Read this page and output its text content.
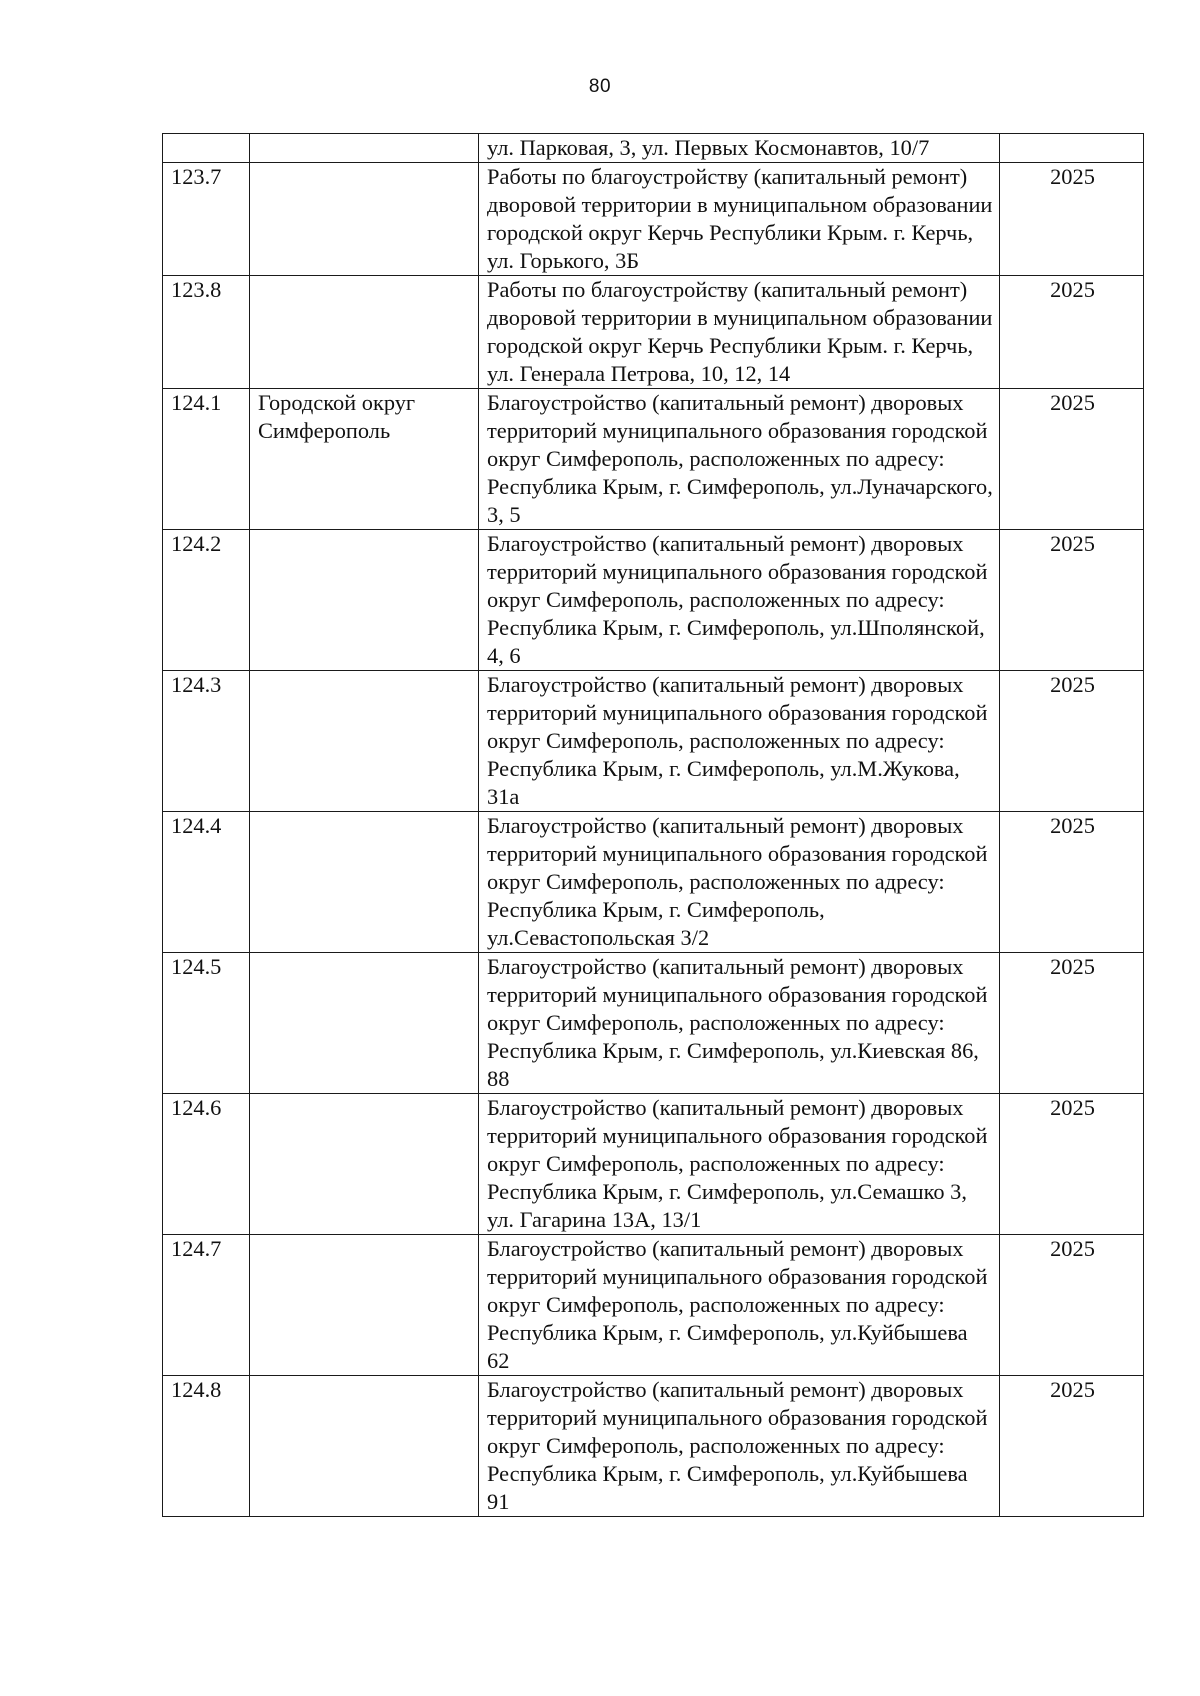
80
		ул. Парковая, 3, ул. Первых Космонавтов, 10/7	
123.7		Работы по благоустройству (капитальный ремонт) дворовой территории в муниципальном образовании городской округ Керчь Республики Крым. г. Керчь, ул. Горького, 3Б	2025
123.8		Работы по благоустройству (капитальный ремонт) дворовой территории в муниципальном образовании городской округ Керчь Республики Крым. г. Керчь, ул. Генерала Петрова, 10, 12, 14	2025
124.1	Городской округ Симферополь	Благоустройство (капитальный ремонт) дворовых территорий муниципального образования городской округ Симферополь, расположенных по адресу: Республика Крым, г. Симферополь, ул.Луначарского, 3, 5	2025
124.2		Благоустройство (капитальный ремонт) дворовых территорий муниципального образования городской округ Симферополь, расположенных по адресу: Республика Крым, г. Симферополь, ул.Шполянской, 4, 6	2025
124.3		Благоустройство (капитальный ремонт) дворовых территорий муниципального образования городской округ Симферополь, расположенных по адресу: Республика Крым, г. Симферополь, ул.М.Жукова, 31а	2025
124.4		Благоустройство (капитальный ремонт) дворовых территорий муниципального образования городской округ Симферополь, расположенных по адресу: Республика Крым, г. Симферополь, ул.Севастопольская 3/2	2025
124.5		Благоустройство (капитальный ремонт) дворовых территорий муниципального образования городской округ Симферополь, расположенных по адресу: Республика Крым, г. Симферополь, ул.Киевская 86, 88	2025
124.6		Благоустройство (капитальный ремонт) дворовых территорий муниципального образования городской округ Симферополь, расположенных по адресу: Республика Крым, г. Симферополь, ул.Семашко 3, ул. Гагарина 13А, 13/1	2025
124.7		Благоустройство (капитальный ремонт) дворовых территорий муниципального образования городской округ Симферополь, расположенных по адресу: Республика Крым, г. Симферополь, ул.Куйбышева 62	2025
124.8		Благоустройство (капитальный ремонт) дворовых территорий муниципального образования городской округ Симферополь, расположенных по адресу: Республика Крым, г. Симферополь, ул.Куйбышева 91	2025
